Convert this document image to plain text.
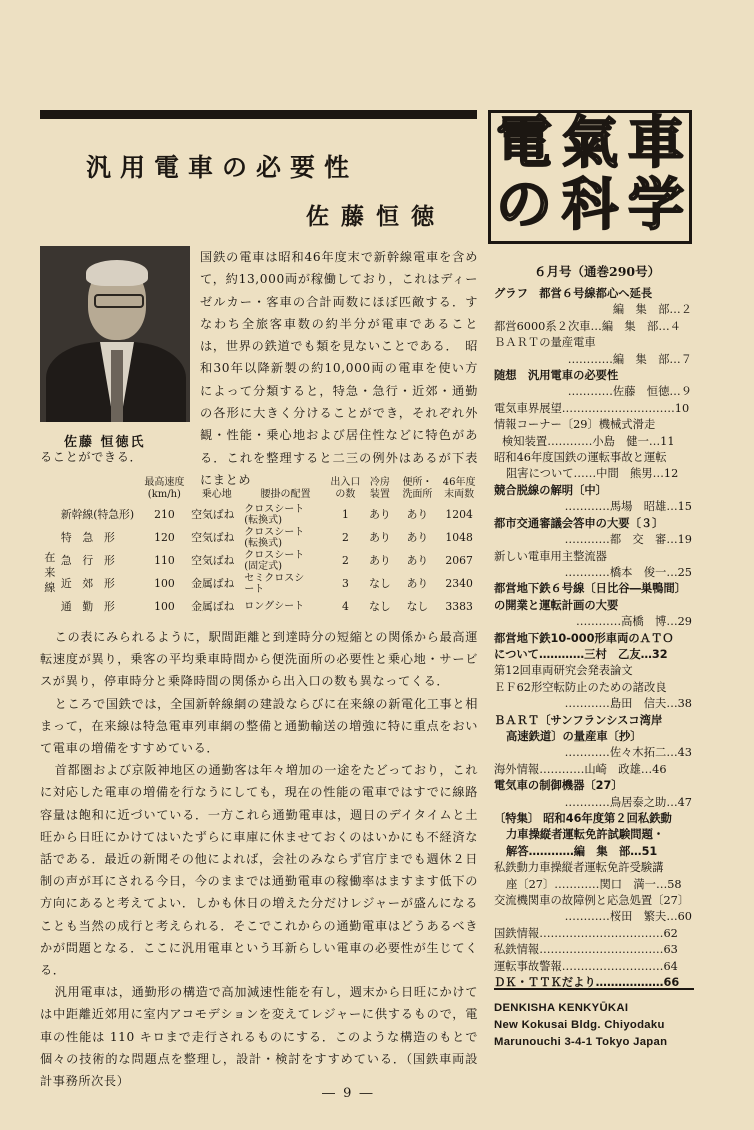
汎用電車の必要性
佐藤恒徳
佐藤 恒徳氏
国鉄の電車は昭和46年度末で新幹線電車を含めて，約13,000両が稼働しており，これはディーゼルカー・客車の合計両数にほぼ匹敵する．すなわち全旅客車数の約半分が電車であることは，世界の鉄道でも類を見ないことである．　昭和30年以降新製の約10,000両の電車を使い方によって分類すると，特急・急行・近郊・通勤の各形に大きく分けることができ，それぞれ外観・性能・乗心地および居住性などに特色がある．これを整理すると二三の例外はあるが下表にまとめ
ることができる．
		最高速度
(km/h)	乗心地	腰掛の配置	出入口
の数	冷房
装置	便所・
洗面所	46年度
末両数
	新幹線(特急形)	210	空気ばね	クロスシート
(転換式)	1	あり	あり	1204
在来線	特　急　形	120	空気ばね	クロスシート
(転換式)	2	あり	あり	1048
	急　行　形	110	空気ばね	クロスシート
(固定式)	2	あり	あり	2067
	近　郊　形	100	金属ばね	セミクロスシ
ート	3	なし	あり	2340
	通　勤　形	100	金属ばね	ロングシート	4	なし	なし	3383

この表にみられるように，駅間距離と到達時分の短縮との関係から最高運転速度が異り，乗客の平均乗車時間から便洗面所の必要性と乗心地・サービスが異り，停車時分と乗降時間の関係から出入口の数も異なってくる．

ところで国鉄では，全国新幹線網の建設ならびに在来線の新電化工事と相まって，在来線は特急電車列車網の整備と通勤輸送の増強に特に重点をおいて電車の増備をすすめている．

首都圏および京阪神地区の通勤客は年々増加の一途をたどっており，これに対応した電車の増備を行なうにしても，現在の性能の電車ではすでに線路容量は飽和に近づいている．一方これら通勤電車は，週日のデイタイムと土旺から日旺にかけてはいたずらに車庫に休ませておくのはいかにも不経済な話である．最近の新聞その他によれば，会社のみならず官庁までも週休２日制の声が耳にされる今日，今のままでは通勤電車の稼働率はますます低下の方向にあると考えてよい．しかも休日の増えた分だけレジャーが盛んになることも当然の成行と考えられる．そこでこれからの通勤電車はどうあるべきかが問題となる．ここに汎用電車という耳新らしい電車の必要性が生じてくる．

汎用電車は，通勤形の構造で高加減速性能を有し，週末から日旺にかけては中距離近郊用に室内アコモデションを変えてレジャーに供するもので，電車の性能は 110 キロまで走行されるものにする．このような構造のもとで個々の技術的な問題点を整理し，設計・検討をすすめている．（国鉄車両設計事務所次長）

― 9 ―
電 氣 車
の 科 学
６月号（通巻290号）
グラフ　都営６号線都心へ延長
編　集　部…２
都営6000系２次車…編　集　部…４
ＢＡＲＴの量産電車
…………編　集　部…７
随想　汎用電車の必要性
…………佐藤　恒徳…９
電気車界展望…………………………10
情報コーナー〔29〕機械式滑走
検知装置…………小島　健一…11
昭和46年度国鉄の運転事故と運転
阻害について……中間　熊男…12
競合脱線の解明〔中〕
…………馬場　昭雄…15
都市交通審議会答申の大要〔３〕
…………都　交　審…19
新しい電車用主整流器
…………橋本　俊一…25
都営地下鉄６号線〔日比谷―巣鴨間〕
の開業と運転計画の大要
…………高橋　博…29
都営地下鉄10-000形車両のＡＴＯ
について…………三村　乙友…32
第12回車両研究会発表論文
ＥＦ62形空転防止のための諸改良
…………島田　信夫…38
ＢＡＲＴ〔サンフランシスコ湾岸
高速鉄道〕の量産車〔抄〕
…………佐々木拓二…43
海外情報…………山崎　政雄…46
電気車の制御機器〔27〕
…………鳥居泰之助…47
〔特集〕 昭和46年度第２回私鉄動
力車操縦者運転免許試験問題・
解答…………編　集　部…51
私鉄動力車操縦者運転免許受験講
座〔27〕…………関口　満一…58
交流機関車の故障例と応急処置〔27〕
…………桜田　繁夫…60
国鉄情報……………………………62
私鉄情報……………………………63
運転事故警報………………………64
ＤＫ・ＴＴＫだより………………66
DENKISHA KENKYŪKAI
New Kokusai Bldg. Chiyodaku
Marunouchi 3-4-1 Tokyo Japan
